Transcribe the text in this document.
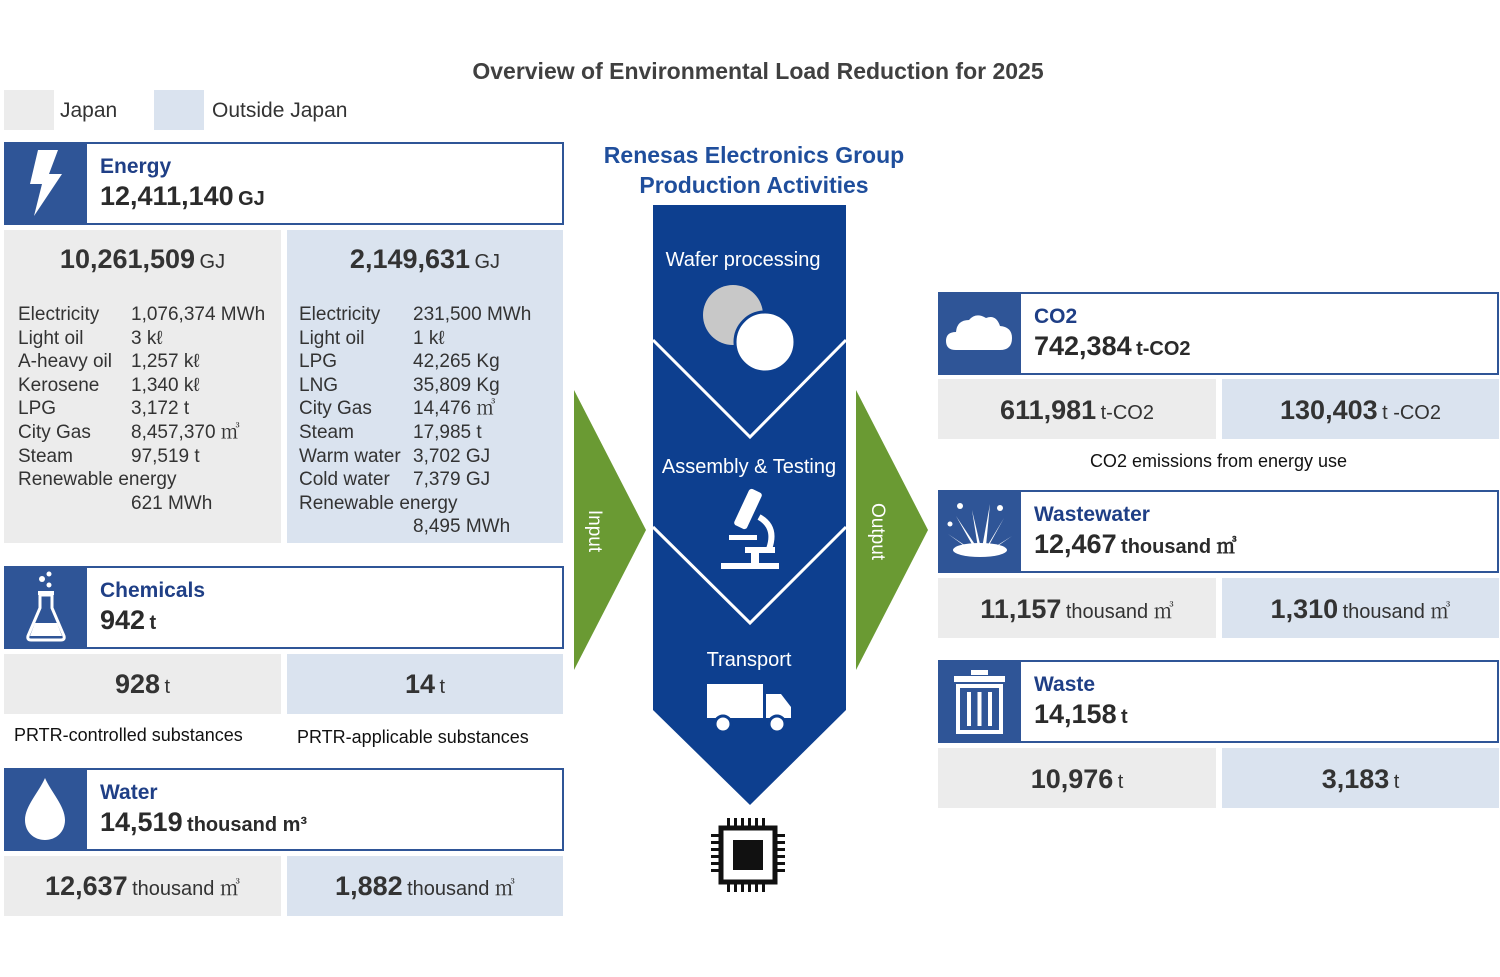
Overview of Environmental Load Reduction for 2025
Japan	Outside Japan
Energy
12,411,140 GJ
10,261,509 GJ
Electricity 1,076,374 MWh
Light oil	3 kℓ
A-heavy oil 1,257 kℓ
Kerosene 1,340 kℓ
LPG	3,172 t
City Gas 8,457,370 ㎥
Steam	97,519 t
Renewable energy
621 MWh
2,149,631 GJ
Electricity 231,500 MWh
Light oil	1 kℓ
LPG	42,265 Kg
LNG	35,809 Kg
City Gas 14,476 ㎥
Steam	17,985 t
Warm water 3,702 GJ
Cold water 7,379 GJ
Renewable energy
8,495 MWh
Chemicals
942 t
928 t	14 t
PRTR-controlled substances	PRTR-applicable substances
Water
14,519 thousand m³
12,637 thousand ㎥	1,882 thousand ㎥
Renesas Electronics Group
Production Activities
Input	Output
Wafer processing
Assembly & Testing
Transport
CO2
742,384 t-CO2
611,981 t-CO2	130,403 t -CO2
CO2 emissions from energy use
Wastewater
12,467 thousand ㎥
11,157 thousand ㎥	1,310 thousand ㎥
Waste
14,158 t
10,976 t	3,183 t
